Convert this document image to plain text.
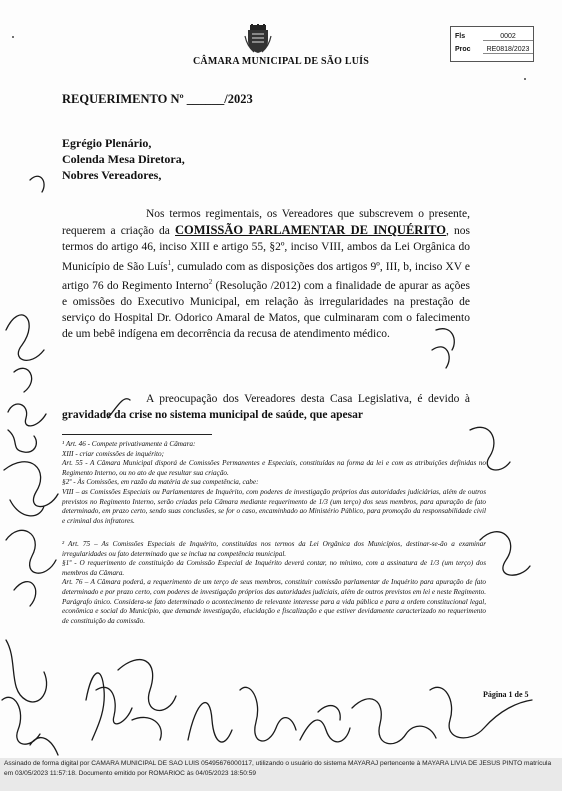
CÂMARA MUNICIPAL DE SÃO LUÍS
Fls	0002
Proc	RE0818/2023
REQUERIMENTO Nº ______/2023
Egrégio Plenário,
Colenda Mesa Diretora,
Nobres Vereadores,

Nos termos regimentais, os Vereadores que subscrevem o presente, requerem a criação da COMISSÃO PARLAMENTAR DE INQUÉRITO, nos termos do artigo 46, inciso XIII e artigo 55, §2º, inciso VIII, ambos da Lei Orgânica do Município de São Luís$^1$, cumulado com as disposições dos artigos 9º, III, b, inciso XV e artigo 76 do Regimento Interno$^2$ (Resolução /2012) com a finalidade de apurar as ações e omissões do Executivo Municipal, em relação às irregularidades na prestação de serviço do Hospital Dr. Odorico Amaral de Matos, que culminaram com o falecimento de um bebê indígena em decorrência da recusa de atendimento médico.

A preocupação dos Vereadores desta Casa Legislativa, é devido à gravidade da crise no sistema municipal de saúde, que apesar

¹ Art. 46 - Compete privativamente à Câmara:

XIII - criar comissões de inquérito;

Art. 55 - A Câmara Municipal disporá de Comissões Permanentes e Especiais, constituídas na forma da lei e com as atribuições definidas no Regimento Interno, ou no ato de que resultar sua criação.

§2º - Às Comissões, em razão da matéria de sua competência, cabe:

VIII – as Comissões Especiais ou Parlamentares de Inquérito, com poderes de investigação próprios das autoridades judiciárias, além de outros previstos no Regimento Interno, serão criadas pela Câmara mediante requerimento de 1/3 (um terço) dos seus membros, para apuração de fato determinado, em prazo certo, sendo suas conclusões, se for o caso, encaminhado ao Ministério Público, para promoção da responsabilidade civil e criminal dos infratores.

² Art. 75 – As Comissões Especiais de Inquérito, constituídas nos termos da Lei Orgânica dos Municípios, destinar-se-ão a examinar irregularidades ou fato determinado que se inclua na competência municipal.

§1º - O requerimento de constituição da Comissão Especial de Inquérito deverá contar, no mínimo, com a assinatura de 1/3 (um terço) dos membros da Câmara.

Art. 76 – A Câmara poderá, a requerimento de um terço de seus membros, constituir comissão parlamentar de Inquérito para apuração de fato determinado e por prazo certo, com poderes de investigação próprios das autoridades judiciais, além de outros previstos em lei e neste Regimento.

Parágrafo único. Considera-se fato determinado o acontecimento de relevante interesse para a vida pública e para a ordem constitucional legal, econômica e social do Município, que demande investigação, elucidação e fiscalização e que estiver devidamente caracterizado no requerimento de constituição da comissão.

Página 1 de 5
Assinado de forma digital por CAMARA MUNICIPAL DE SAO LUIS 05495676000117, utilizando o usuário do sistema MAYARAJ pertencente à MAYARA LIVIA DE JESUS PINTO matrícula em 03/05/2023 11:57:18. Documento emitido por ROMARIOC às 04/05/2023 18:50:59
